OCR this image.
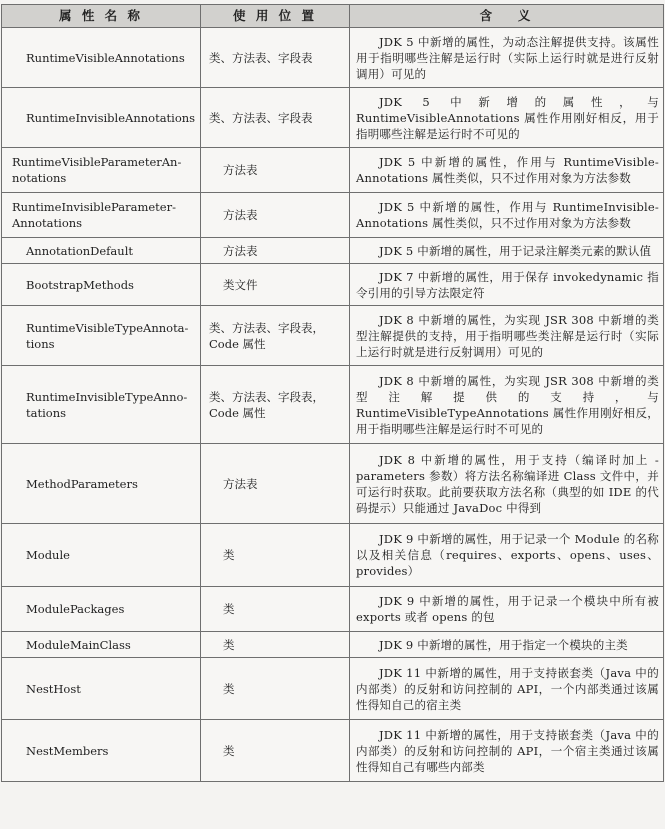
属 性 名 称	使 用 位 置	含　 义
RuntimeVisibleAnnotations	类、方法表、字段表	JDK 5 中新增的属性，为动态注解提供支持。该属性用于指明哪些注解是运行时（实际上运行时就是进行反射调用）可见的
RuntimeInvisibleAnnotations	类、方法表、字段表	JDK 5 中新增的属性，与 RuntimeVisibleAnnotations 属性作用刚好相反，用于指明哪些注解是运行时不可见的
RuntimeVisibleParameterAn-notations	方法表	JDK 5 中新增的属性，作用与 RuntimeVisible-Annotations 属性类似，只不过作用对象为方法参数
RuntimeInvisibleParameter-Annotations	方法表	JDK 5 中新增的属性，作用与 RuntimeInvisible-Annotations 属性类似，只不过作用对象为方法参数
AnnotationDefault	方法表	JDK 5 中新增的属性，用于记录注解类元素的默认值
BootstrapMethods	类文件	JDK 7 中新增的属性，用于保存 invokedynamic 指令引用的引导方法限定符
RuntimeVisibleTypeAnnota-tions	类、方法表、字段表，Code 属性	JDK 8 中新增的属性，为实现 JSR 308 中新增的类型注解提供的支持，用于指明哪些类注解是运行时（实际上运行时就是进行反射调用）可见的
RuntimeInvisibleTypeAnno-tations	类、方法表、字段表，Code 属性	JDK 8 中新增的属性，为实现 JSR 308 中新增的类型注解提供的支持，与 RuntimeVisibleTypeAnnotations 属性作用刚好相反，用于指明哪些注解是运行时不可见的
MethodParameters	方法表	JDK 8 中新增的属性，用于支持（编译时加上 -parameters 参数）将方法名称编译进 Class 文件中，并可运行时获取。此前要获取方法名称（典型的如 IDE 的代码提示）只能通过 JavaDoc 中得到
Module	类	JDK 9 中新增的属性，用于记录一个 Module 的名称以及相关信息（requires、exports、opens、uses、provides）
ModulePackages	类	JDK 9 中新增的属性，用于记录一个模块中所有被 exports 或者 opens 的包
ModuleMainClass	类	JDK 9 中新增的属性，用于指定一个模块的主类
NestHost	类	JDK 11 中新增的属性，用于支持嵌套类（Java 中的内部类）的反射和访问控制的 API，一个内部类通过该属性得知自己的宿主类
NestMembers	类	JDK 11 中新增的属性，用于支持嵌套类（Java 中的内部类）的反射和访问控制的 API，一个宿主类通过该属性得知自己有哪些内部类
